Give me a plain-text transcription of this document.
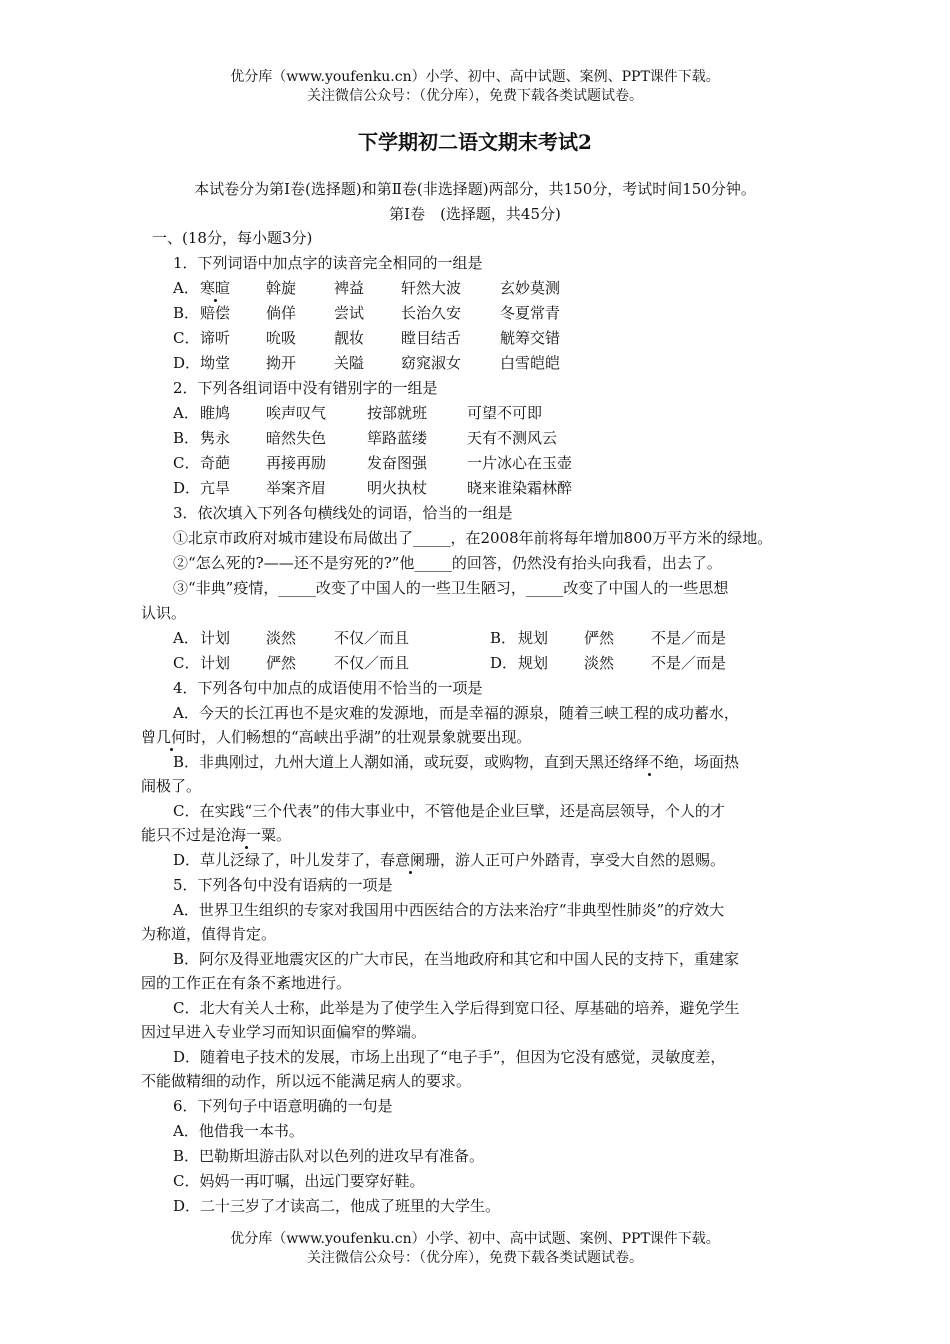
优分库（www.youfenku.cn）小学、初中、高中试题、案例、PPT课件下载。
关注微信公众号：（优分库），免费下载各类试题试卷。
下学期初二语文期末考试2
本试卷分为第Ⅰ卷(选择题)和第Ⅱ卷(非选择题)两部分，共150分，考试时间150分钟。
第Ⅰ卷　(选择题，共45分)
一、(18分，每小题3分)
1．下列词语中加点字的读音完全相同的一组是
A． 寒暄 斡旋	裨益 轩然大波	玄妙莫测
B． 赔偿 倘佯	尝试 长治久安	冬夏常青
C． 谛听 吮吸	靓妆 瞠目结舌	觥筹交错
D． 坳堂 拗开	关隘 窈窕淑女	白雪皑皑
2．下列各组词语中没有错别字的一组是
A． 睢鸠 唉声叹气	按部就班	可望不可即
B． 隽永 暗然失色	筚路蓝缕	天有不测风云
C． 奇葩 再接再励	发奋图强	一片冰心在玉壶
D． 亢旱 举案齐眉	明火执杖	晓来谁染霜林醉
3．依次填入下列各句横线处的词语，恰当的一组是
①北京市政府对城市建设布局做出了_____，在2008年前将每年增加800万平方米的绿地。
②“怎么死的?——还不是穷死的?”他_____的回答，仍然没有抬头向我看，出去了。
③“非典”疫情，_____改变了中国人的一些卫生陋习，_____改变了中国人的一些思想
认识。
A． 计划 淡然	不仅／而且	B． 规划 俨然 不是／而是
C． 计划 俨然	不仅／而且	D． 规划 淡然 不是／而是
4．下列各句中加点的成语使用不恰当的一项是
A．今天的长江再也不是灾难的发源地，而是幸福的源泉，随着三峡工程的成功蓄水，
曾几何时，人们畅想的“高峡出乎湖”的壮观景象就要出现。
B．非典刚过，九州大道上人潮如涌，或玩耍，或购物，直到天黑还络绎不绝，场面热
闹极了。
C．在实践“三个代表”的伟大事业中，不管他是企业巨擘，还是高层领导，个人的才
能只不过是沧海一粟。
D．草儿泛绿了，叶儿发芽了，春意阑珊，游人正可户外踏青，享受大自然的恩赐。
5．下列各句中没有语病的一项是
A．世界卫生组织的专家对我国用中西医结合的方法来治疗“非典型性肺炎”的疗效大
为称道，值得肯定。
B．阿尔及得亚地震灾区的广大市民，在当地政府和其它和中国人民的支持下，重建家
园的工作正在有条不紊地进行。
C．北大有关人士称，此举是为了使学生入学后得到宽口径、厚基础的培养，避免学生
因过早进入专业学习而知识面偏窄的弊端。
D．随着电子技术的发展，市场上出现了“电子手”，但因为它没有感觉，灵敏度差，
不能做精细的动作，所以远不能满足病人的要求。
6．下列句子中语意明确的一句是
A．他借我一本书。
B．巴勒斯坦游击队对以色列的进攻早有准备。
C．妈妈一再叮嘱，出远门要穿好鞋。
D．二十三岁了才读高二，他成了班里的大学生。
优分库（www.youfenku.cn）小学、初中、高中试题、案例、PPT课件下载。
关注微信公众号：（优分库），免费下载各类试题试卷。
